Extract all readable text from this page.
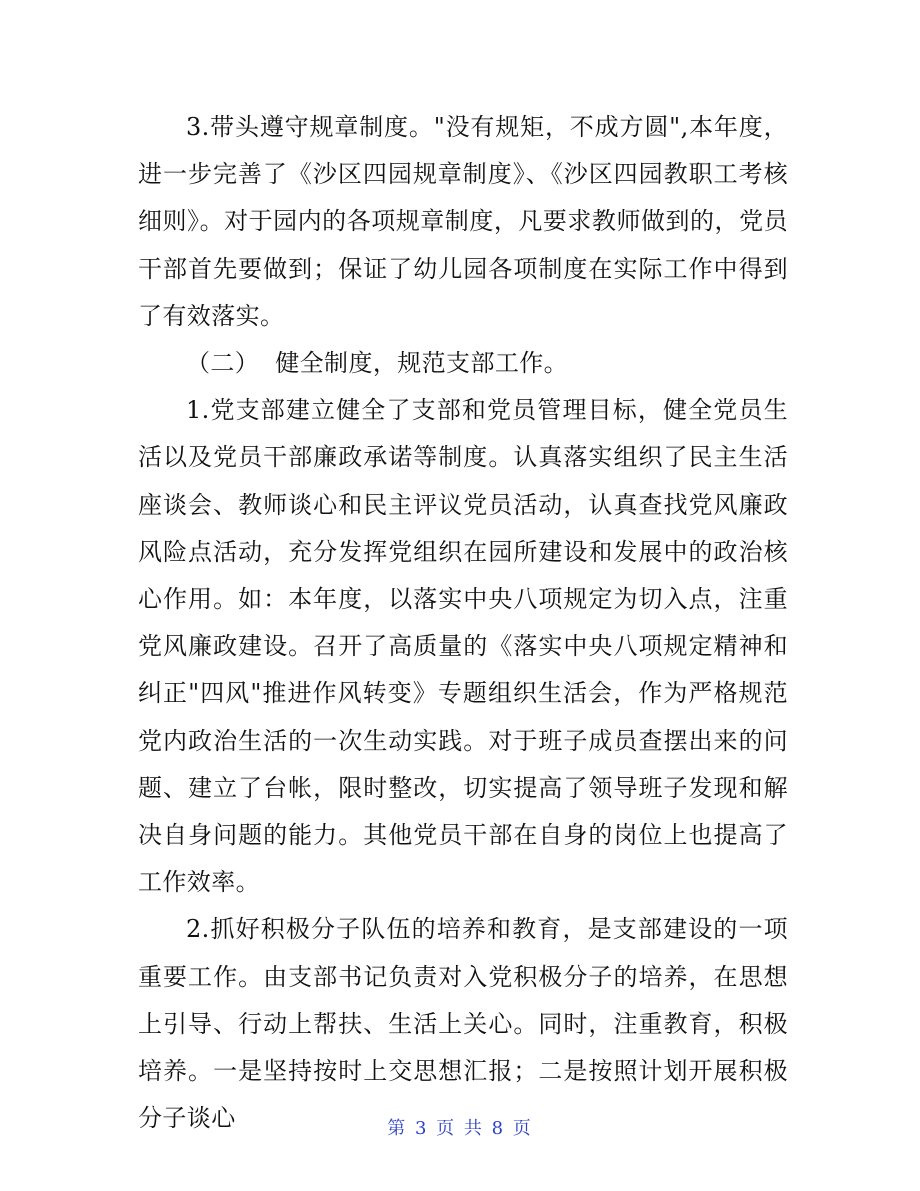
3.带头遵守规章制度。"没有规矩，不成方圆",本年度，进一步完善了《沙区四园规章制度》、《沙区四园教职工考核细则》。对于园内的各项规章制度，凡要求教师做到的，党员干部首先要做到；保证了幼儿园各项制度在实际工作中得到了有效落实。

（二）  健全制度，规范支部工作。

1.党支部建立健全了支部和党员管理目标，健全党员生活以及党员干部廉政承诺等制度。认真落实组织了民主生活座谈会、教师谈心和民主评议党员活动，认真查找党风廉政风险点活动，充分发挥党组织在园所建设和发展中的政治核心作用。如：本年度，以落实中央八项规定为切入点，注重党风廉政建设。召开了高质量的《落实中央八项规定精神和纠正"四风"推进作风转变》专题组织生活会，作为严格规范党内政治生活的一次生动实践。对于班子成员查摆出来的问题、建立了台帐，限时整改，切实提高了领导班子发现和解决自身问题的能力。其他党员干部在自身的岗位上也提高了工作效率。

2.抓好积极分子队伍的培养和教育，是支部建设的一项重要工作。由支部书记负责对入党积极分子的培养，在思想上引导、行动上帮扶、生活上关心。同时，注重教育，积极培养。一是坚持按时上交思想汇报；二是按照计划开展积极分子谈心	第 3 页 共 8 页
